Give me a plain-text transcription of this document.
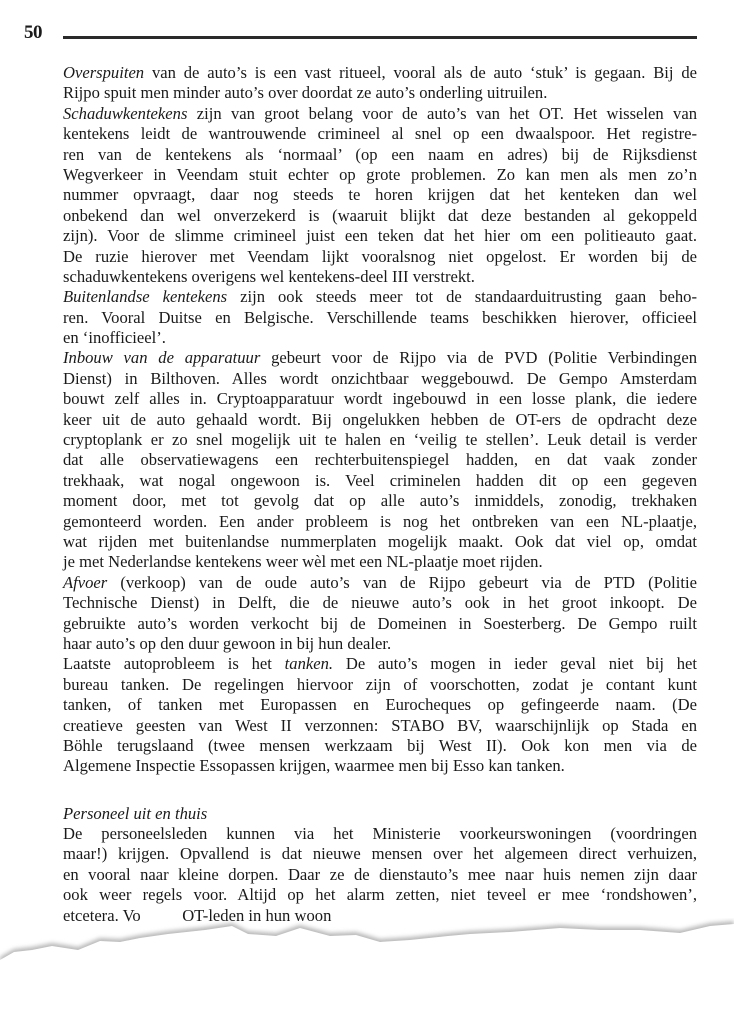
50
Overspuiten van de auto’s is een vast ritueel, vooral als de auto ‘stuk’ is gegaan. Bij de
Rijpo spuit men minder auto’s over doordat ze auto’s onderling uitruilen.
Schaduwkentekens zijn van groot belang voor de auto’s van het OT. Het wisselen van
kentekens leidt de wantrouwende crimineel al snel op een dwaalspoor. Het registre-
ren van de kentekens als ‘normaal’ (op een naam en adres) bij de Rijksdienst
Wegverkeer in Veendam stuit echter op grote problemen. Zo kan men als men zo’n
nummer opvraagt, daar nog steeds te horen krijgen dat het kenteken dan wel
onbekend dan wel onverzekerd is (waaruit blijkt dat deze bestanden al gekoppeld
zijn). Voor de slimme crimineel juist een teken dat het hier om een politieauto gaat.
De ruzie hierover met Veendam lijkt vooralsnog niet opgelost. Er worden bij de
schaduwkentekens overigens wel kentekens-deel III verstrekt.
Buitenlandse kentekens zijn ook steeds meer tot de standaarduitrusting gaan beho-
ren. Vooral Duitse en Belgische. Verschillende teams beschikken hierover, officieel
en ‘inofficieel’.
Inbouw van de apparatuur gebeurt voor de Rijpo via de PVD (Politie Verbindingen
Dienst) in Bilthoven. Alles wordt onzichtbaar weggebouwd. De Gempo Amsterdam
bouwt zelf alles in. Cryptoapparatuur wordt ingebouwd in een losse plank, die iedere
keer uit de auto gehaald wordt. Bij ongelukken hebben de OT-ers de opdracht deze
cryptoplank er zo snel mogelijk uit te halen en ‘veilig te stellen’. Leuk detail is verder
dat alle observatiewagens een rechterbuitenspiegel hadden, en dat vaak zonder
trekhaak, wat nogal ongewoon is. Veel criminelen hadden dit op een gegeven
moment door, met tot gevolg dat op alle auto’s inmiddels, zonodig, trekhaken
gemonteerd worden. Een ander probleem is nog het ontbreken van een NL-plaatje,
wat rijden met buitenlandse nummerplaten mogelijk maakt. Ook dat viel op, omdat
je met Nederlandse kentekens weer wèl met een NL-plaatje moet rijden.
Afvoer (verkoop) van de oude auto’s van de Rijpo gebeurt via de PTD (Politie
Technische Dienst) in Delft, die de nieuwe auto’s ook in het groot inkoopt. De
gebruikte auto’s worden verkocht bij de Domeinen in Soesterberg. De Gempo ruilt
haar auto’s op den duur gewoon in bij hun dealer.
Laatste autoprobleem is het tanken. De auto’s mogen in ieder geval niet bij het
bureau tanken. De regelingen hiervoor zijn of voorschotten, zodat je contant kunt
tanken, of tanken met Europassen en Eurocheques op gefingeerde naam. (De
creatieve geesten van West II verzonnen: STABO BV, waarschijnlijk op Stada en
Böhle terugslaand (twee mensen werkzaam bij West II). Ook kon men via de
Algemene Inspectie Essopassen krijgen, waarmee men bij Esso kan tanken.
Personeel uit en thuis
De personeelsleden kunnen via het Ministerie voorkeurswoningen (voordringen
maar!) krijgen. Opvallend is dat nieuwe mensen over het algemeen direct verhuizen,
en vooral naar kleine dorpen. Daar ze de dienstauto’s mee naar huis nemen zijn daar
ook weer regels voor. Altijd op het alarm zetten, niet teveel er mee ‘rondshowen’,
etcetera. Vo          OT-leden in hun woon
